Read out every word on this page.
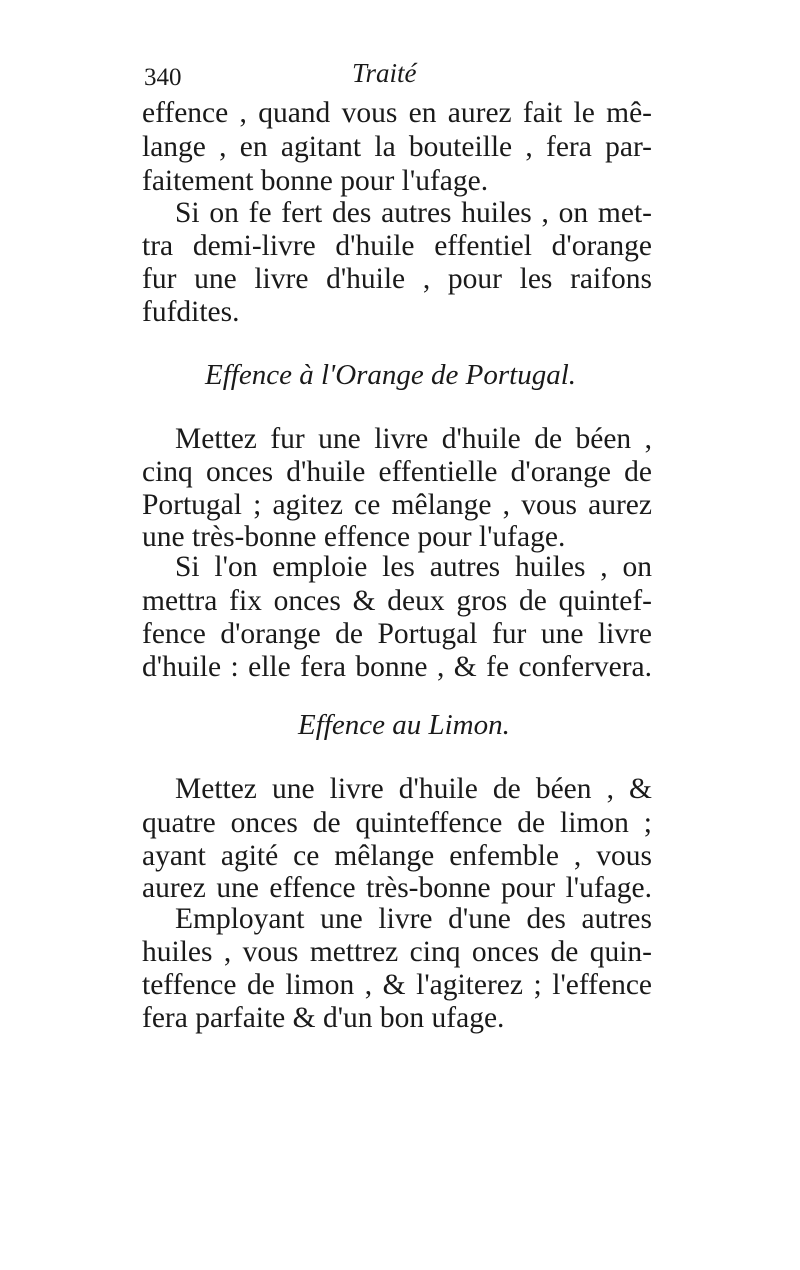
340	Traité
effence , quand vous en aurez fait le mê-
lange , en agitant la bouteille , fera par-
faitement bonne pour l'ufage.
Si on fe fert des autres huiles , on met-
tra demi-livre d'huile effentiel d'orange
fur une livre d'huile , pour les raifons
fufdites.
Effence à l'Orange de Portugal.
Mettez fur une livre d'huile de béen ,
cinq onces d'huile effentielle d'orange de
Portugal ; agitez ce mêlange , vous aurez
une très-bonne effence pour l'ufage.
Si l'on emploie les autres huiles , on
mettra fix onces & deux gros de quintef-
fence d'orange de Portugal fur une livre
d'huile : elle fera bonne , & fe confervera.
Effence au Limon.
Mettez une livre d'huile de béen , &
quatre onces de quinteffence de limon ;
ayant agité ce mêlange enfemble , vous
aurez une effence très-bonne pour l'ufage.
Employant une livre d'une des autres
huiles , vous mettrez cinq onces de quin-
teffence de limon , & l'agiterez ; l'effence
fera parfaite & d'un bon ufage.
